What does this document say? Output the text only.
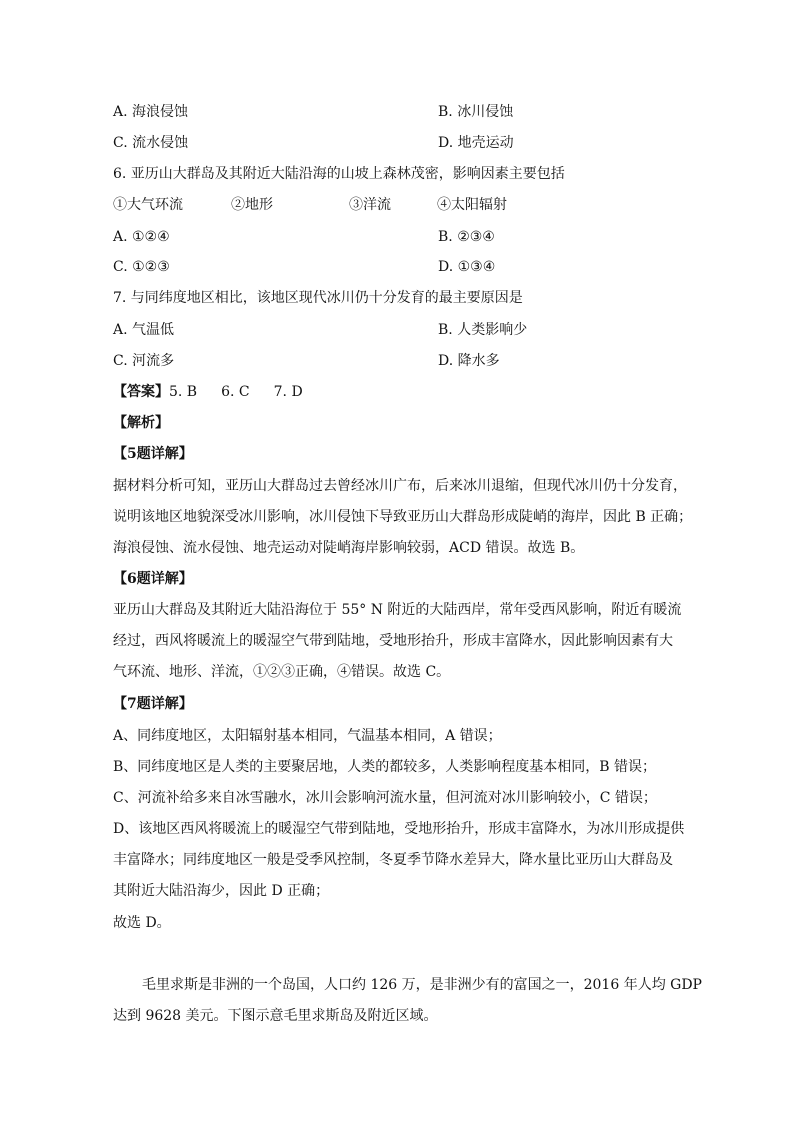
A. 海浪侵蚀	B. 冰川侵蚀
C. 流水侵蚀	D. 地壳运动
6. 亚历山大群岛及其附近大陆沿海的山坡上森林茂密，影响因素主要包括
①大气环流	②地形	③洋流	④太阳辐射
A. ①②④	B. ②③④
C. ①②③	D. ①③④
7. 与同纬度地区相比，该地区现代冰川仍十分发育的最主要原因是
A. 气温低	B. 人类影响少
C. 河流多	D. 降水多
【答案】5. B 6. C 7. D
【解析】
【5题详解】
据材料分析可知，亚历山大群岛过去曾经冰川广布，后来冰川退缩，但现代冰川仍十分发育，
说明该地区地貌深受冰川影响，冰川侵蚀下导致亚历山大群岛形成陡峭的海岸，因此 B 正确；
海浪侵蚀、流水侵蚀、地壳运动对陡峭海岸影响较弱，ACD 错误。故选 B。
【6题详解】
亚历山大群岛及其附近大陆沿海位于 55° N 附近的大陆西岸，常年受西风影响，附近有暖流
经过，西风将暖流上的暖湿空气带到陆地，受地形抬升，形成丰富降水，因此影响因素有大
气环流、地形、洋流，①②③正确，④错误。故选 C。
【7题详解】
A、同纬度地区，太阳辐射基本相同，气温基本相同，A 错误；
B、同纬度地区是人类的主要聚居地，人类的都较多，人类影响程度基本相同，B 错误；
C、河流补给多来自冰雪融水，冰川会影响河流水量，但河流对冰川影响较小，C 错误；
D、该地区西风将暖流上的暖湿空气带到陆地，受地形抬升，形成丰富降水，为冰川形成提供
丰富降水；同纬度地区一般是受季风控制，冬夏季节降水差异大，降水量比亚历山大群岛及
其附近大陆沿海少，因此 D 正确；
故选 D。
毛里求斯是非洲的一个岛国，人口约 126 万，是非洲少有的富国之一，2016 年人均 GDP
达到 9628 美元。下图示意毛里求斯岛及附近区域。
